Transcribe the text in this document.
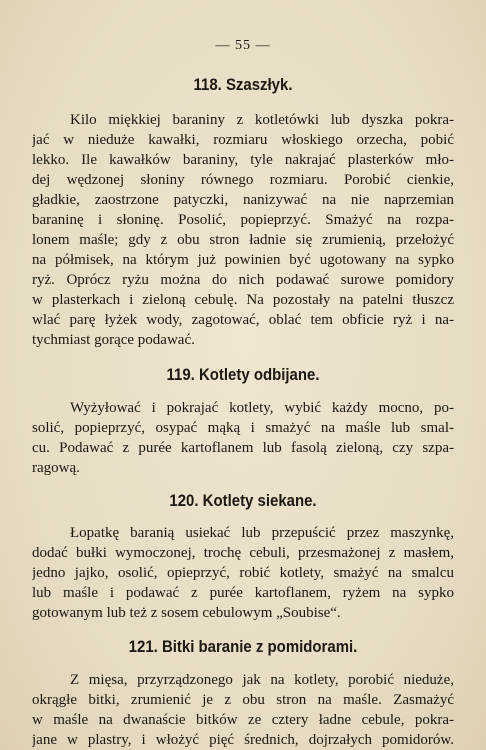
— 55 —
118. Szaszłyk.

Kilo miękkiej baraniny z kotletówki lub dyszka pokra-
jać w nieduże kawałki, rozmiaru włoskiego orzecha, pobić
lekko. Ile kawałków baraniny, tyle nakrajać plasterków mło-
dej wędzonej słoniny równego rozmiaru. Porobić cienkie,
gładkie, zaostrzone patyczki, nanizywać na nie naprzemian
baraninę i słoninę. Posolić, popieprzyć. Smażyć na rozpa-
lonem maśle; gdy z obu stron ładnie się zrumienią, przełożyć
na półmisek, na którym już powinien być ugotowany na sypko
ryż. Oprócz ryżu można do nich podawać surowe pomidory
w plasterkach i zieloną cebulę. Na pozostały na patelni tłuszcz
wlać parę łyżek wody, zagotować, oblać tem obficie ryż i na-
tychmiast gorące podawać.

119. Kotlety odbijane.

Wyżyłować i pokrajać kotlety, wybić każdy mocno, po-
solić, popieprzyć, osypać mąką i smażyć na maśle lub smal-
cu. Podawać z purée kartoflanem lub fasolą zieloną, czy szpa-
ragową.

120. Kotlety siekane.

Łopatkę baranią usiekać lub przepuścić przez maszynkę,
dodać bułki wymoczonej, trochę cebuli, przesmażonej z masłem,
jedno jajko, osolić, opieprzyć, robić kotlety, smażyć na smalcu
lub maśle i podawać z purée kartoflanem, ryżem na sypko
gotowanym lub też z sosem cebulowym „Soubise“.

121. Bitki baranie z pomidorami.

Z mięsa, przyrządzonego jak na kotlety, porobić nieduże,
okrągłe bitki, zrumienić je z obu stron na maśle. Zasmażyć
w maśle na dwanaście bitków ze cztery ładne cebule, pokra-
jane w plastry, i włożyć pięć średnich, dojrzałych pomidorów.
